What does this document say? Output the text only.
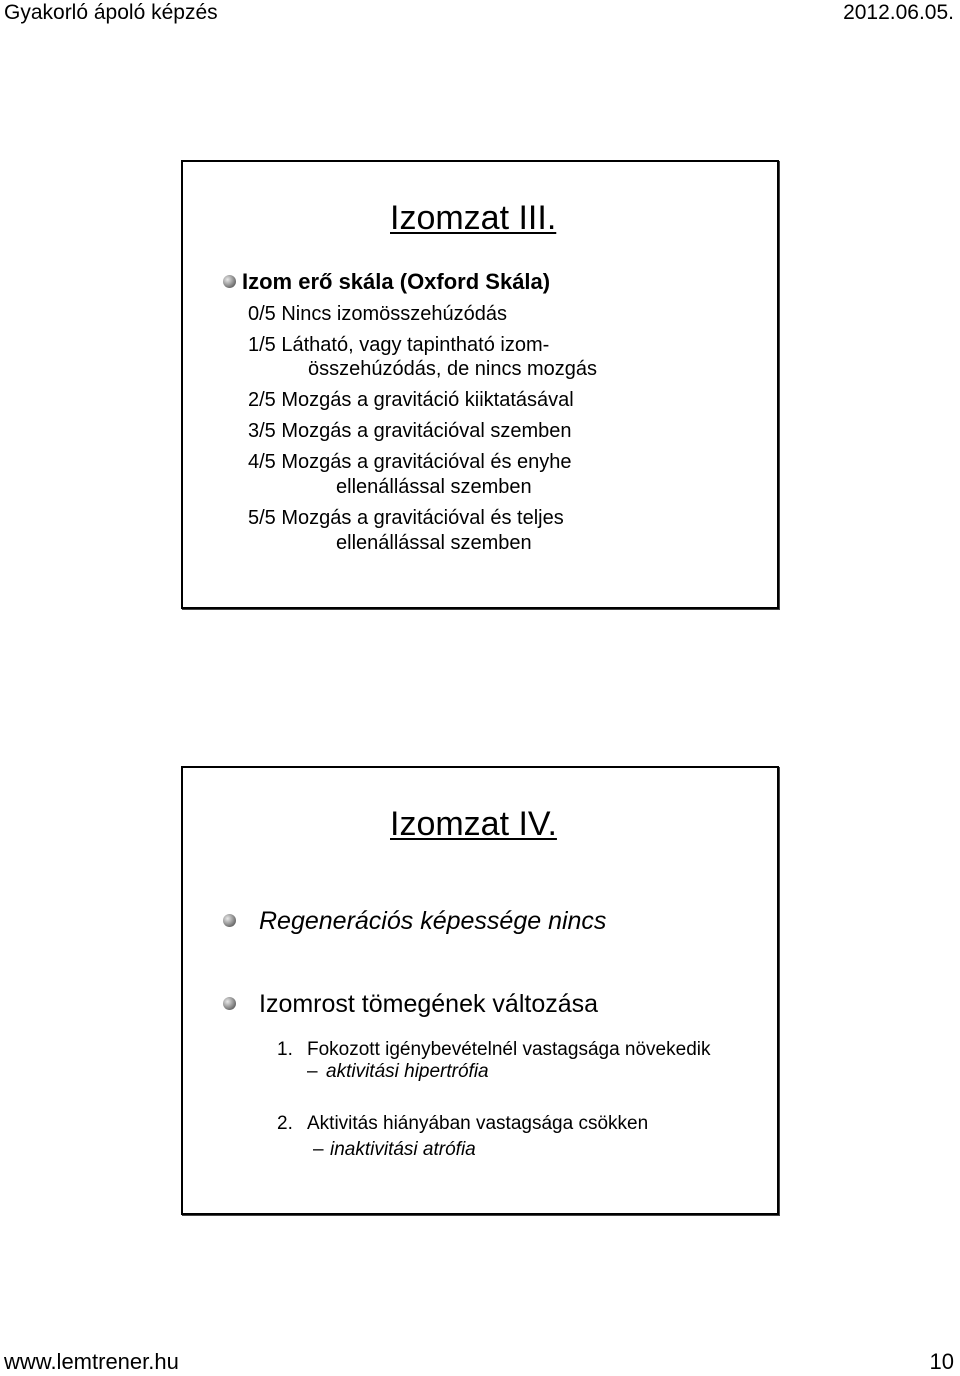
Gyakorló ápoló képzés	2012.06.05.
Izomzat III.
Izom erő skála (Oxford Skála)
0/5 Nincs izomösszehúzódás
1/5 Látható, vagy tapintható izom-
összehúzódás, de nincs mozgás
2/5 Mozgás a gravitáció kiiktatásával
3/5 Mozgás a gravitációval szemben
4/5 Mozgás a gravitációval és enyhe
ellenállással szemben
5/5 Mozgás a gravitációval és teljes
ellenállással szemben
Izomzat IV.
Regenerációs képessége nincs
Izomrost tömegének változása
1. Fokozott igénybevételnél vastagsága növekedik
– aktivitási hipertrófia
2. Aktivitás hiányában vastagsága csökken
– inaktivitási atrófia
www.lemtrener.hu	10
